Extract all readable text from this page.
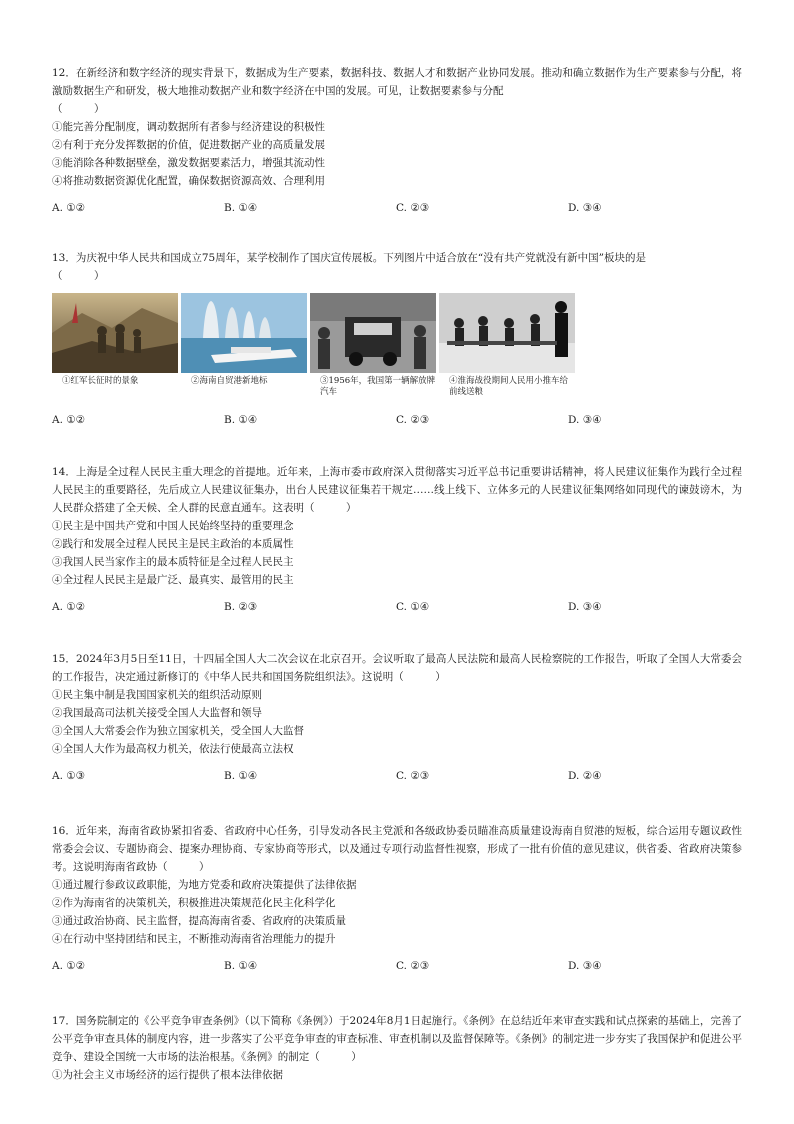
12．在新经济和数字经济的现实背景下，数据成为生产要素，数据科技、数据人才和数据产业协同发展。推动和确立数据作为生产要素参与分配，将激励数据生产和研发，极大地推动数据产业和数字经济在中国的发展。可见，让数据要素参与分配
（　　　）

①能完善分配制度，调动数据所有者参与经济建设的积极性

②有利于充分发挥数据的价值，促进数据产业的高质量发展

③能消除各种数据壁垒，激发数据要素活力，增强其流动性

④将推动数据资源优化配置，确保数据资源高效、合理利用

A. ①②	B. ①④	C. ②③	D. ③④

13．为庆祝中华人民共和国成立75周年，某学校制作了国庆宣传展板。下列图片中适合放在“没有共产党就没有新中国”板块的是
（　　　）

①红军长征时的景象	②海南自贸港新地标	③1956年，我国第一辆解放牌汽车
④淮海战役期间人民用小推车给前线送粮
A. ①②	B. ①④	C. ②③	D. ③④

14．上海是全过程人民民主重大理念的首提地。近年来，上海市委市政府深入贯彻落实习近平总书记重要讲话精神，将人民建议征集作为践行全过程人民民主的重要路径，先后成立人民建议征集办，出台人民建议征集若干规定……线上线下、立体多元的人民建议征集网络如同现代的谏鼓谤木，为人民群众搭建了全天候、全人群的民意直通车。这表明（　　　）

①民主是中国共产党和中国人民始终坚持的重要理念

②践行和发展全过程人民民主是民主政治的本质属性

③我国人民当家作主的最本质特征是全过程人民民主

④全过程人民民主是最广泛、最真实、最管用的民主

A. ①②	B. ②③	C. ①④	D. ③④

15．2024年3月5日至11日，十四届全国人大二次会议在北京召开。会议听取了最高人民法院和最高人民检察院的工作报告，听取了全国人大常委会的工作报告，决定通过新修订的《中华人民共和国国务院组织法》。这说明（　　　）

①民主集中制是我国国家机关的组织活动原则

②我国最高司法机关接受全国人大监督和领导

③全国人大常委会作为独立国家机关，受全国人大监督

④全国人大作为最高权力机关，依法行使最高立法权

A. ①③	B. ①④	C. ②③	D. ②④

16．近年来，海南省政协紧扣省委、省政府中心任务，引导发动各民主党派和各级政协委员瞄准高质量建设海南自贸港的短板，综合运用专题议政性常委会会议、专题协商会、提案办理协商、专家协商等形式，以及通过专项行动监督性视察，形成了一批有价值的意见建议，供省委、省政府决策参考。这说明海南省政协（　　　）

①通过履行参政议政职能，为地方党委和政府决策提供了法律依据

②作为海南省的决策机关，积极推进决策规范化民主化科学化

③通过政治协商、民主监督，提高海南省委、省政府的决策质量

④在行动中坚持团结和民主，不断推动海南省治理能力的提升

A. ①②	B. ①④	C. ②③	D. ③④

17．国务院制定的《公平竞争审查条例》（以下简称《条例》）于2024年8月1日起施行。《条例》在总结近年来审查实践和试点探索的基础上，完善了公平竞争审查具体的制度内容，进一步落实了公平竞争审查的审查标准、审查机制以及监督保障等。《条例》的制定进一步夯实了我国保护和促进公平竞争、建设全国统一大市场的法治根基。《条例》的制定（　　　）

①为社会主义市场经济的运行提供了根本法律依据
